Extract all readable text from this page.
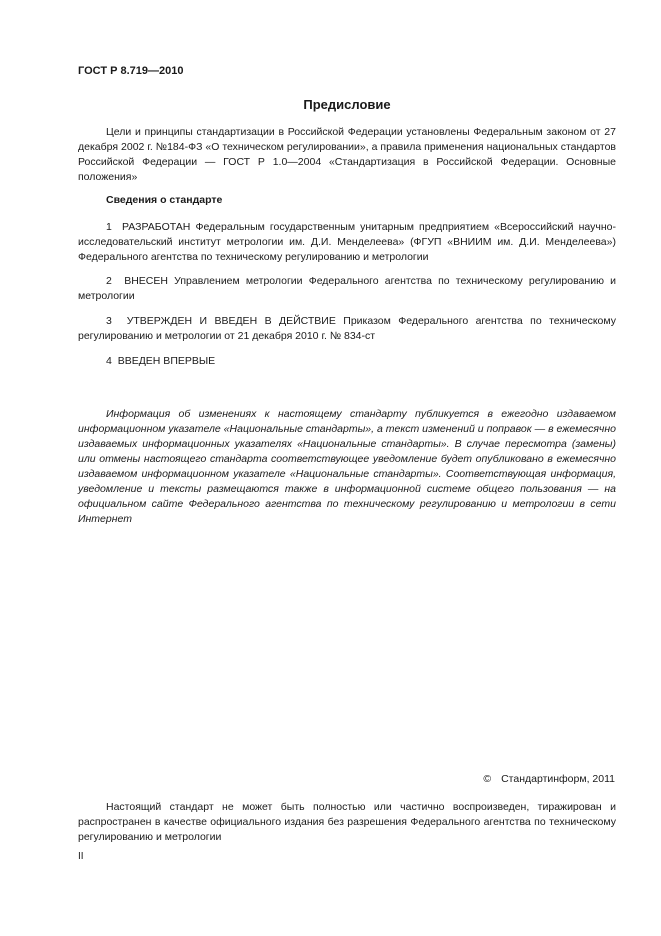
ГОСТ Р 8.719—2010
Предисловие
Цели и принципы стандартизации в Российской Федерации установлены Федеральным законом от 27 декабря 2002 г. №184-ФЗ «О техническом регулировании», а правила применения национальных стандартов Российской Федерации — ГОСТ Р 1.0—2004 «Стандартизация в Российской Федерации. Основные положения»
Сведения о стандарте
1 РАЗРАБОТАН Федеральным государственным унитарным предприятием «Всероссийский научно-исследовательский институт метрологии им. Д.И. Менделеева» (ФГУП «ВНИИМ им. Д.И. Менделеева») Федерального агентства по техническому регулированию и метрологии
2 ВНЕСЕН Управлением метрологии Федерального агентства по техническому регулированию и метрологии
3 УТВЕРЖДЕН И ВВЕДЕН В ДЕЙСТВИЕ Приказом Федерального агентства по техническому регулированию и метрологии от 21 декабря 2010 г. № 834-ст
4 ВВЕДЕН ВПЕРВЫЕ
Информация об изменениях к настоящему стандарту публикуется в ежегодно издаваемом информационном указателе «Национальные стандарты», а текст изменений и поправок — в ежемесячно издаваемых информационных указателях «Национальные стандарты». В случае пересмотра (замены) или отмены настоящего стандарта соответствующее уведомление будет опубликовано в ежемесячно издаваемом информационном указателе «Национальные стандарты». Соответствующая информация, уведомление и тексты размещаются также в информационной системе общего пользования — на официальном сайте Федерального агентства по техническому регулированию и метрологии в сети Интернет
© Стандартинформ, 2011
Настоящий стандарт не может быть полностью или частично воспроизведен, тиражирован и распространен в качестве официального издания без разрешения Федерального агентства по техническому регулированию и метрологии
II
